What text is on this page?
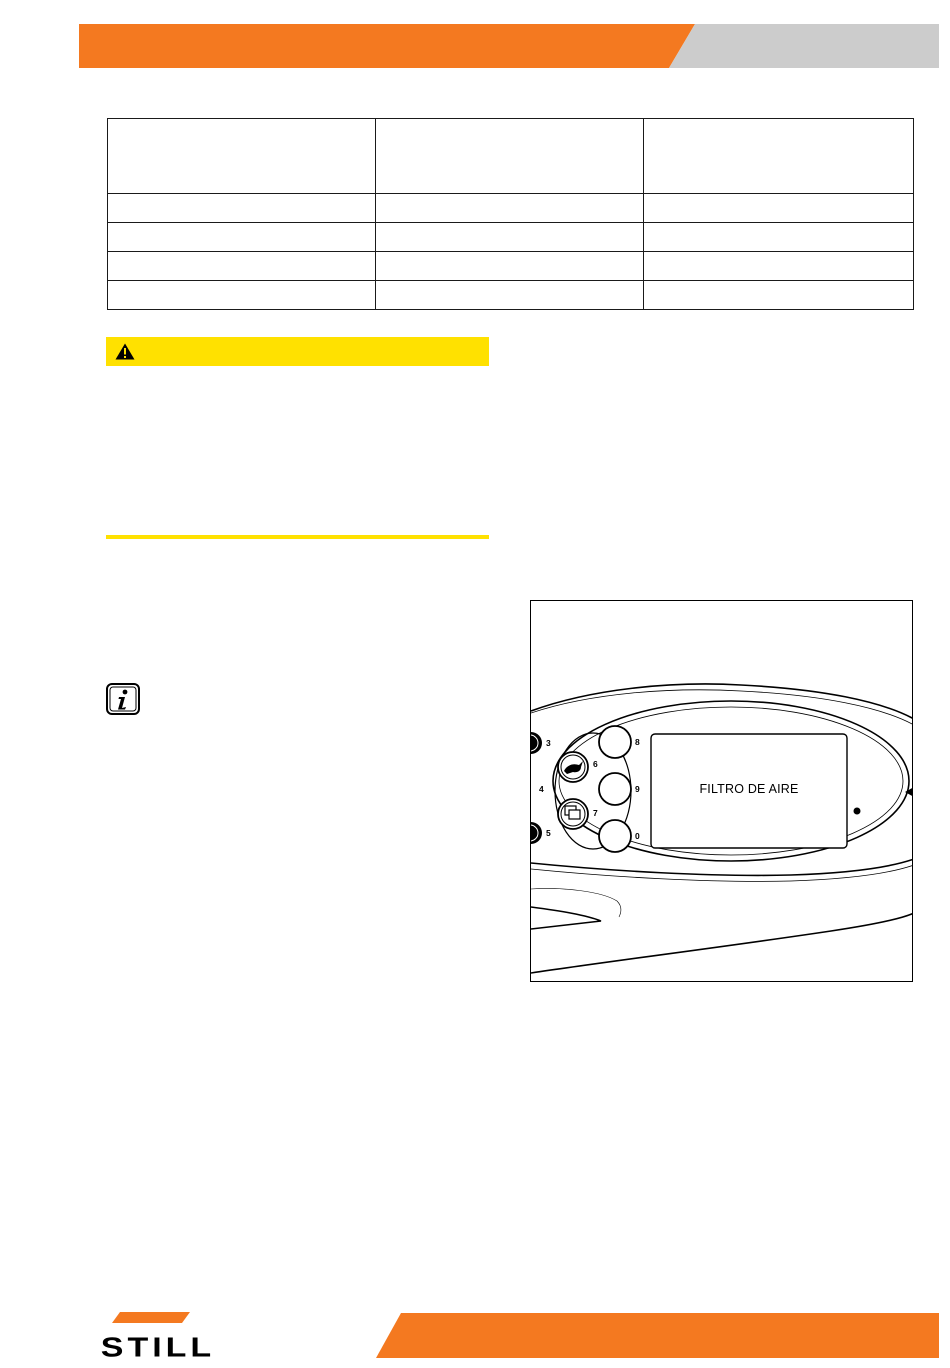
FILTRO DE AIRE
3
4
5
6
7
8
9
0
STILL
